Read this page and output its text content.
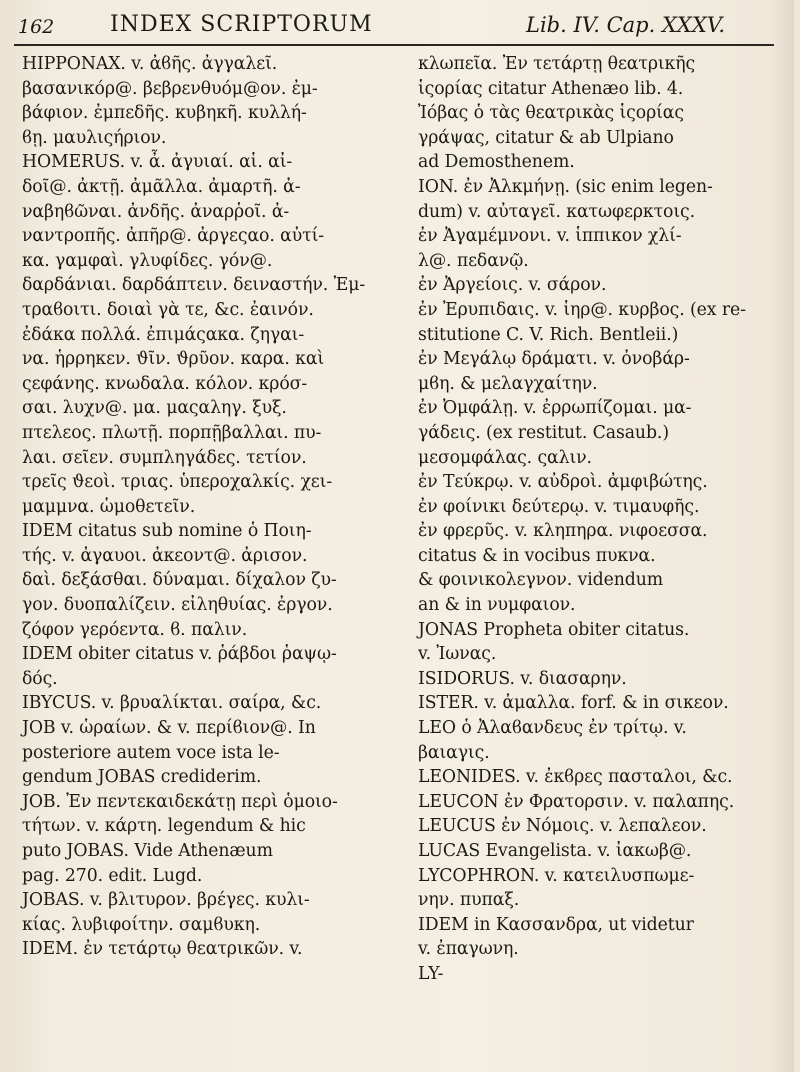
162	INDEX SCRIPTORUM	Lib. IV. Cap. XXXV.

HIPPONAX. v. ἀϐῆς. ἀγγαλεῖ.

βασανικόρ@. βεβρενθυόμ@ον. ἐμ-

βάφιον. ἐμπεδῆς. κυβηκῆ. κυλλή-

ϐῃ. μαυλιςήριον.

HOMERUS. v. ἆ. ἀγυιαί. αἱ. αἰ-

δοῖ@. ἀκτῇ. ἀμᾶλλα. ἀμαρτῆ. ἀ-

ναβηϐῶναι. ἀνδῆς. ἀναρῥοῖ. ἀ-

ναντροπῆς. ἀπῆρ@. ἀργεςαο. αὐτί-

κα. γαμφαὶ. γλυφίδες. γόν@.

δαρδάνιαι. δαρδάπτειν. δειναστήν. Ἐμ-

τραϐοιτι. δοιαὶ γὰ τε, &c. ἐαινόν.

ἐδάκα πολλά. ἐπιμάςακα. ζηγαι-

να. ἡρρηκεν. ϑῖν. ϑρῦον. καρα. καὶ

ςεφάνης. κνωδαλα. κόλον. κρόσ-

σαι. λυχν@. μα. μαςαληγ. ξυξ.

πτελεος. πλωτῇ. πορπῇβαλλαι. πυ-

λαι. σεῖεν. συμπληγάδες. τετίον.

τρεῖς ϑεοὶ. τριας. ὑπεροχαλκίς. χει-

μαμμνα. ὡμοθετεῖν.

IDEM citatus sub nomine ὁ Ποιη-

τής. v. ἀγαυοι. ἀκεοντ@. ἀρισον.

δαὶ. δεξάσθαι. δύναμαι. δίχαλον ζυ-

γον. δυοπαλίζειν. εἰληθυίας. ἐργον.

ζόφον γερόεντα. ϐ. παλιν.

IDEM obiter citatus v. ῥάβδοι ῥαψῳ-

δός.

IBYCUS. v. βρυαλίκται. σαίρα, &c.

JOB v. ὡραίων. & v. περίϐιον@. In

posteriore autem voce ista le-

gendum JOBAS crediderim.

JOB. Ἐν πεντεκαιδεκάτῃ περὶ ὁμοιο-

τήτων. v. κάρτη. legendum & hic

puto JOBAS. Vide Athenæum

pag. 270. edit. Lugd.

JOBAS. v. βλιτυρον. βρέγες. κυλι-

κίας. λυβιφοίτην. σαμϐυκη.

IDEM. ἐν τετάρτῳ θεατρικῶν. v.

κλωπεῖα. Ἐν τετάρτῃ θεατρικῆς

ἱςορίας citatur Athenæo lib. 4.

Ἰόβας ὁ τὰς θεατρικὰς ἱςορίας

γράψας, citatur & ab Ulpiano

ad Demosthenem.

ION. ἐν Ἀλκμήνῃ. (sic enim legen-

dum) v. αὐταγεῖ. κατωφερκτοις.

ἐν Ἀγαμέμνονι. v. ἱππικον χλί-

λ@. πεδανῷ.

ἐν Ἀργείοις. v. σάρον.

ἐν Ἐρυπιδαις. v. ἱηρ@. κυρβος. (ex re-

stitutione C. V. Rich. Bentleii.)

ἐν Μεγάλῳ δράματι. v. ὀνοβάρ-

μϐη. & μελαγχαίτην.

ἐν Ὀμφάλῃ. v. ἐρρωπίζομαι. μα-

γάδεις. (ex restitut. Casaub.)

μεσομφάλας. ςαλιν.

ἐν Τεύκρῳ. v. αὐδροὶ. ἀμφιβώτης.

ἐν φοίνικι δεύτερῳ. v. τιμαυφῆς.

ἐν φρερῦς. v. κληπηρα. νιφοεσσα.

citatus & in vocibus πυκνα.

& φοινικολεγνον. videndum

an & in νυμφαιον.

JONAS Propheta obiter citatus.

v. Ἰωνας.

ISIDORUS. v. διασαρην.

ISTER. v. ἀμαλλα. forf. & in σικεον.

LEO ὁ Ἀλαϐανδευς ἐν τρίτῳ. v.

βαιαγις.

LEONIDES. v. ἐκϐρες πασταλοι, &c.

LEUCON ἐν Φρατορσιν. v. παλαπης.

LEUCUS ἐν Νόμοις. v. λεπαλεον.

LUCAS Evangelista. v. ἰακωβ@.

LYCOPHRON. v. κατειλυσπωμε-

νην. πυπαξ.

IDEM in Κασσανδρα, ut videtur

v. ἐπαγωνη.

LY-
